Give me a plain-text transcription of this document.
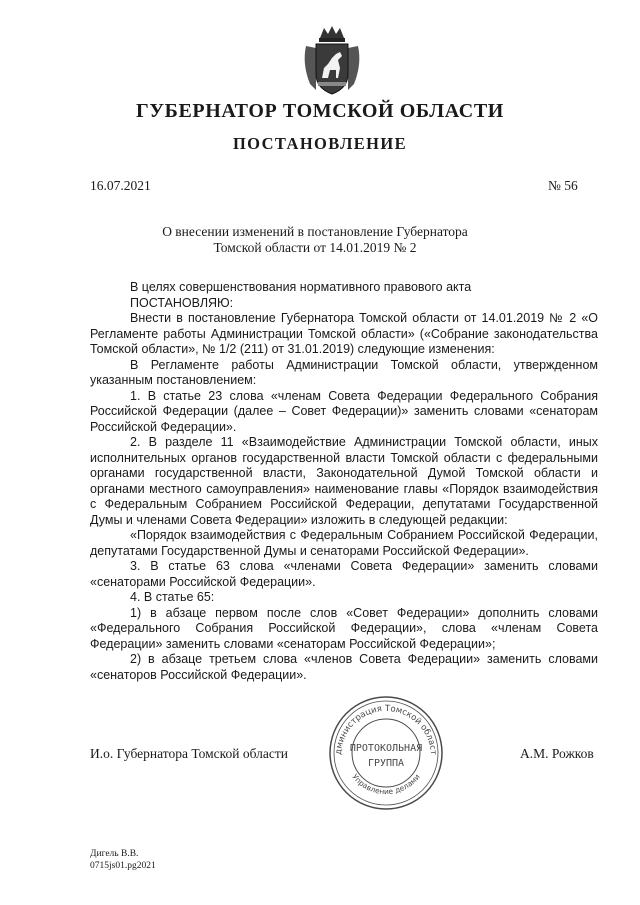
ГУБЕРНАТОР ТОМСКОЙ ОБЛАСТИ
ПОСТАНОВЛЕНИЕ
16.07.2021	№ 56
О внесении изменений в постановление Губернатора
Томской области от 14.01.2019 № 2

В целях совершенствования нормативного правового акта

ПОСТАНОВЛЯЮ:

Внести в постановление Губернатора Томской области от 14.01.2019 № 2 «О Регламенте работы Администрации Томской области» («Собрание законодательства Томской области», № 1/2 (211) от 31.01.2019) следующие изменения:

В Регламенте работы Администрации Томской области, утвержденном указанным постановлением:

1. В статье 23 слова «членам Совета Федерации Федерального Собрания Российской Федерации (далее – Совет Федерации)» заменить словами «сенаторам Российской Федерации».

2. В разделе 11 «Взаимодействие Администрации Томской области, иных исполнительных органов государственной власти Томской области с федеральными органами государственной власти, Законодательной Думой Томской области и органами местного самоуправления» наименование главы «Порядок взаимодействия с Федеральным Собранием Российской Федерации, депутатами Государственной Думы и членами Совета Федерации» изложить в следующей редакции:

«Порядок взаимодействия с Федеральным Собранием Российской Федерации, депутатами Государственной Думы и сенаторами Российской Федерации».

3. В статье 63 слова «членами Совета Федерации» заменить словами «сенаторами Российской Федерации».

4. В статье 65:

1) в абзаце первом после слов «Совет Федерации» дополнить словами «Федерального Собрания Российской Федерации», слова «членам Совета Федерации» заменить словами «сенаторам Российской Федерации»;

2) в абзаце третьем слова «членов Совета Федерации» заменить словами «сенаторов Российской Федерации».

И.о. Губернатора Томской области	А.М. Рожков
дминистрация Томской област
Управление делами
ПРОТОКОЛЬНАЯ
ГРУППА
Дигель В.В.
0715js01.pg2021
